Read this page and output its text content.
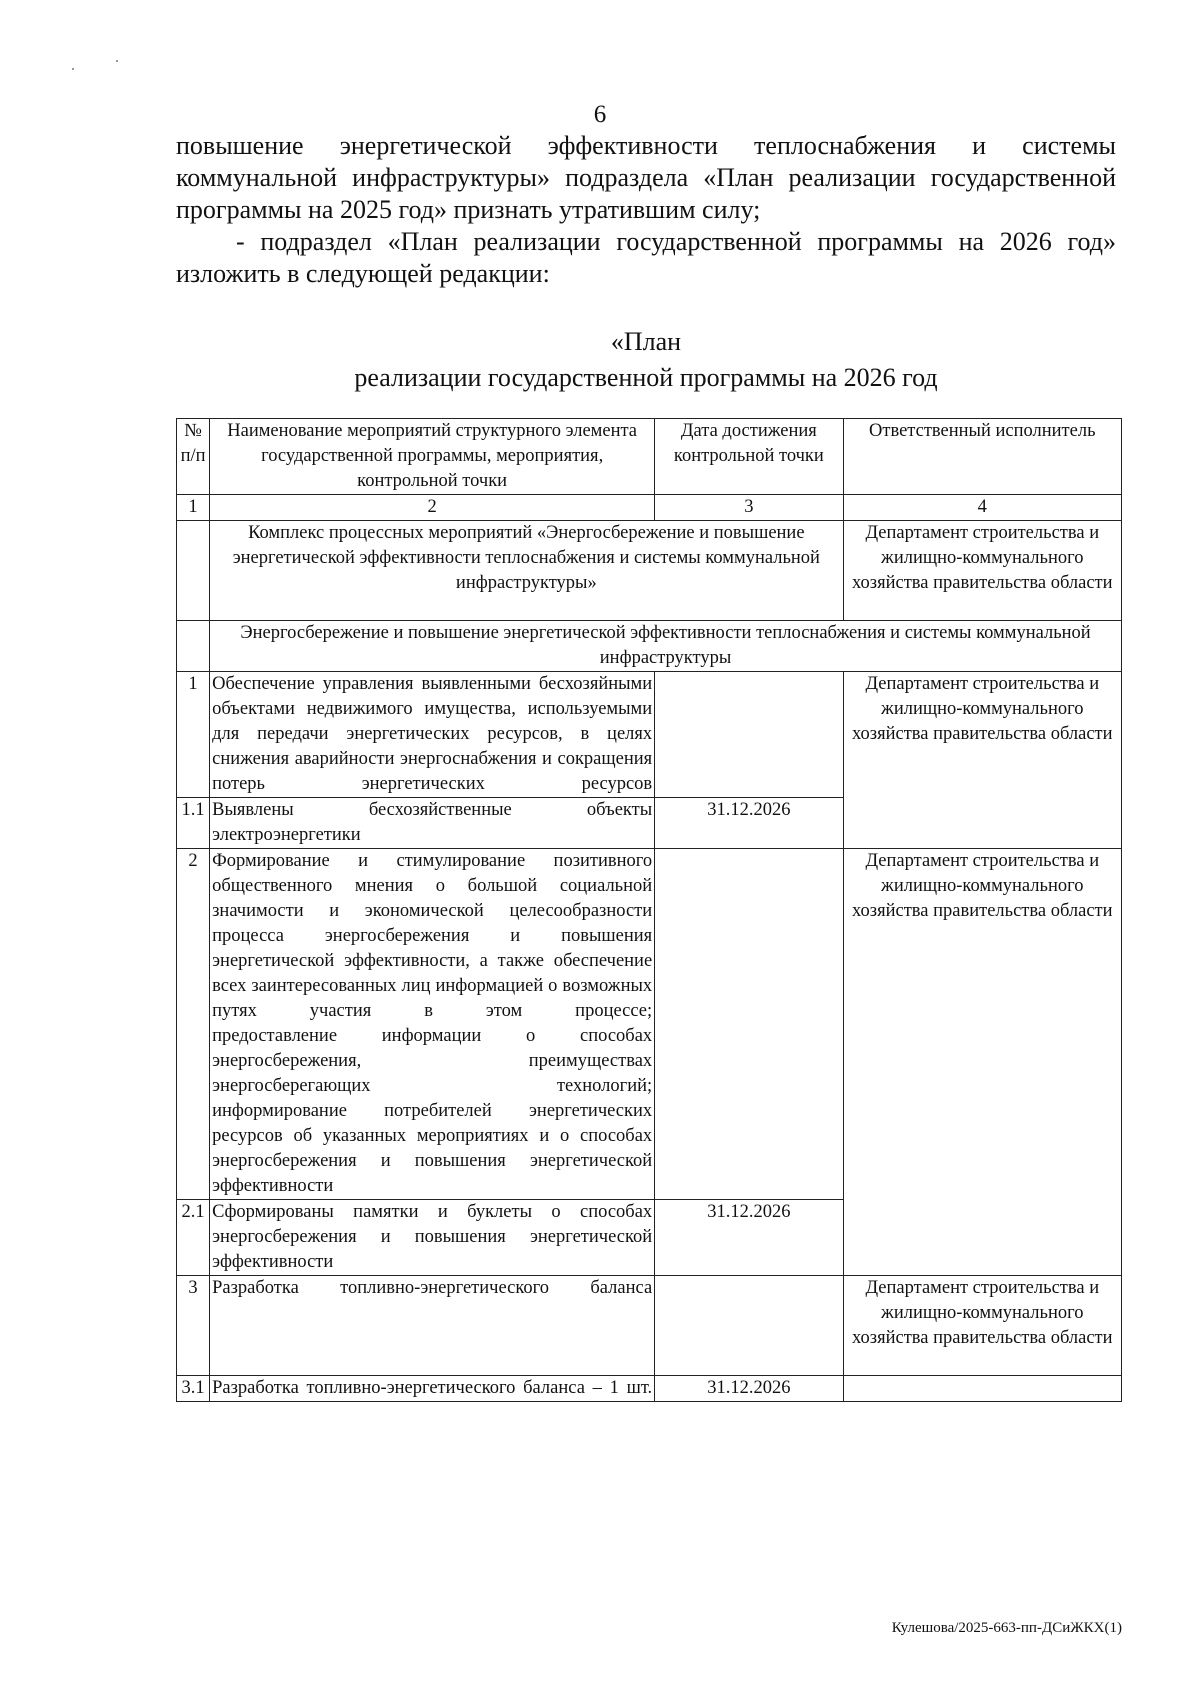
6

повышение энергетической эффективности теплоснабжения и системы коммунальной инфраструктуры» подраздела «План реализации государственной программы на 2025 год» признать утратившим силу;

- подраздел «План реализации государственной программы на 2026 год» изложить в следующей редакции:

«План
реализации государственной программы на 2026 год
№ п/п	Наименование мероприятий структурного элемента государственной программы, мероприятия, контрольной точки	Дата достижения контрольной точки	Ответственный исполнитель
1	2	3	4
	Комплекс процессных мероприятий «Энергосбережение и повышение энергетической эффективности теплоснабжения и системы коммунальной инфраструктуры»		Департамент строительства и жилищно-коммунального хозяйства правительства области
	Энергосбережение и повышение энергетической эффективности теплоснабжения и системы коммунальной инфраструктуры		
1	Обеспечение управления выявленными бесхозяйными объектами недвижимого имущества, используемыми для передачи энергетических ресурсов, в целях снижения аварийности энергоснабжения и сокращения потерь энергетических ресурсов		Департамент строительства и жилищно-коммунального хозяйства правительства области
1.1	Выявлены бесхозяйственные объекты электроэнергетики	31.12.2026	
2	Формирование и стимулирование позитивного общественного мнения о большой социальной значимости и экономической целесообразности процесса энергосбережения и повышения энергетической эффективности, а также обеспечение всех заинтересованных лиц информацией о возможных путях участия в этом процессе;
предоставление информации о способах энергосбережения, преимуществах энергосберегающих технологий;
информирование потребителей энергетических ресурсов об указанных мероприятиях и о способах энергосбережения и повышения энергетической эффективности		Департамент строительства и жилищно-коммунального хозяйства правительства области
2.1	Сформированы памятки и буклеты о способах энергосбережения и повышения энергетической эффективности	31.12.2026	
3	Разработка топливно-энергетического баланса		Департамент строительства и жилищно-коммунального хозяйства правительства области
3.1	Разработка топливно-энергетического баланса – 1 шт.	31.12.2026	
Кулешова/2025-663-пп-ДСиЖКХ(1)
